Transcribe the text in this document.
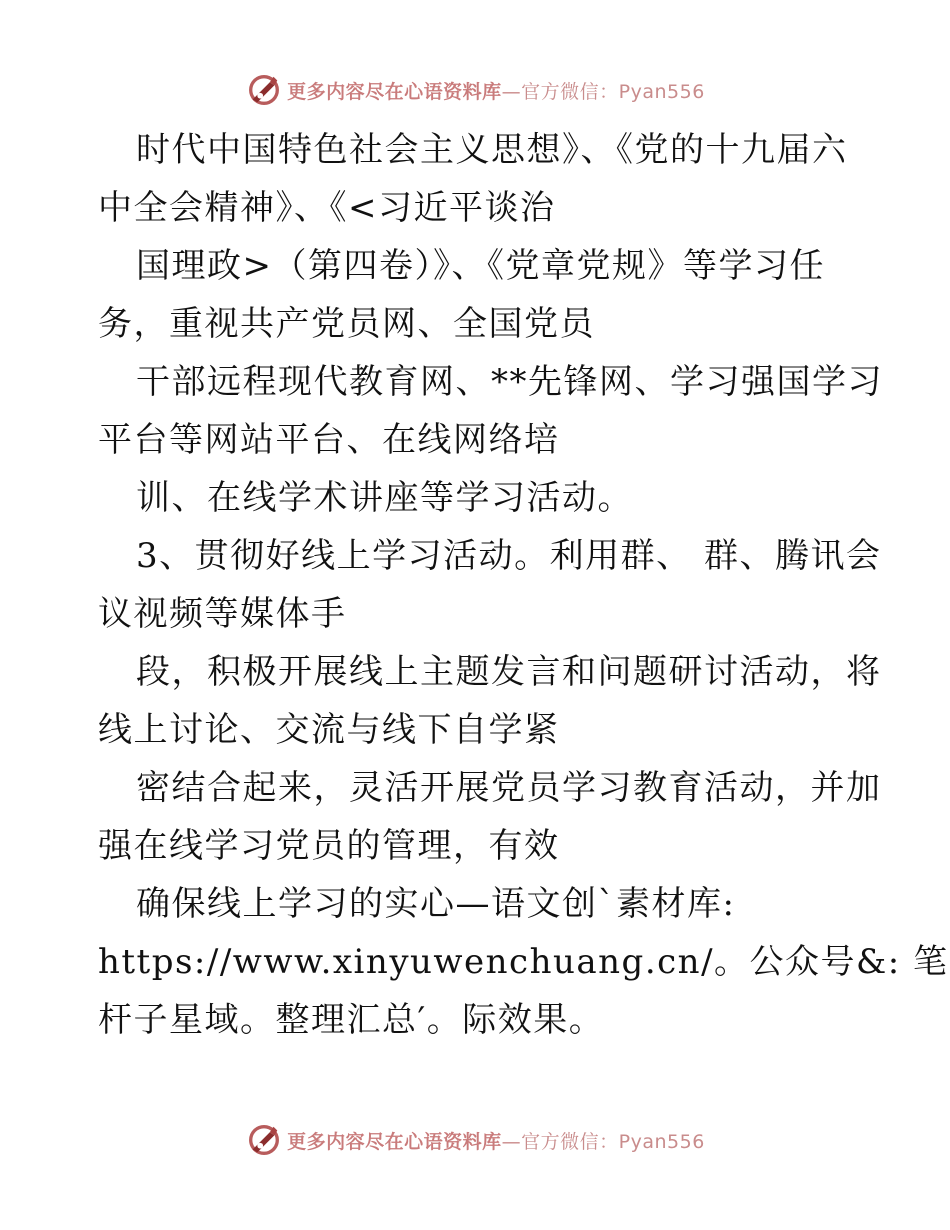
更多内容尽在心语资料库—官方微信：Pyan556
时代中国特色社会主义思想》、《党的十九届六
中全会精神》、《<习近平谈治
国理政>（第四卷）》、《党章党规》等学习任
务，重视共产党员网、全国党员
干部远程现代教育网、**先锋网、学习强国学习
平台等网站平台、在线网络培
训、在线学术讲座等学习活动。
3、贯彻好线上学习活动。利用群、 群、腾讯会
议视频等媒体手
段，积极开展线上主题发言和问题研讨活动，将
线上讨论、交流与线下自学紧
密结合起来，灵活开展党员学习教育活动，并加
强在线学习党员的管理，有效
确保线上学习的实心—语文创`素材库:
https://www.xinyuwenchuang.cn/。公众号&: 笔
杆子星域。整理汇总′。际效果。
更多内容尽在心语资料库—官方微信：Pyan556
